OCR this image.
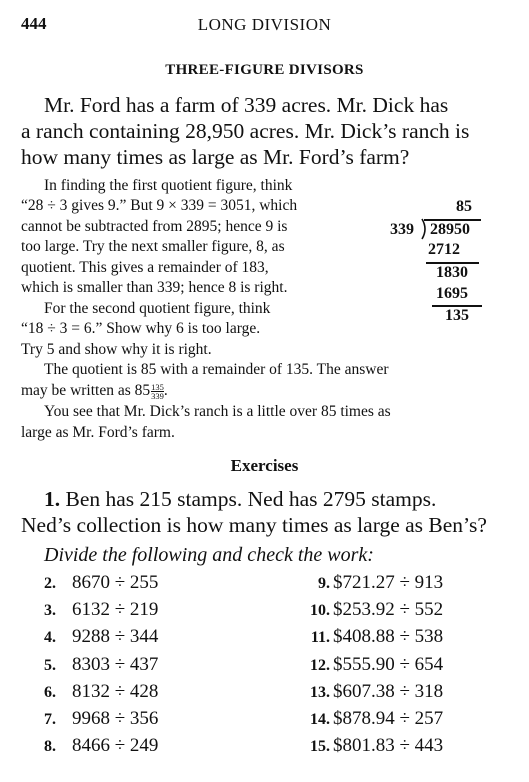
444	LONG DIVISION
THREE-FIGURE DIVISORS
Mr. Ford has a farm of 339 acres. Mr. Dick has
a ranch containing 28,950 acres. Mr. Dick’s ranch is
how many times as large as Mr. Ford’s farm?
In finding the first quotient figure, think
“28 ÷ 3 gives 9.” But 9 × 339 = 3051, which
cannot be subtracted from 2895; hence 9 is
too large. Try the next smaller figure, 8, as
quotient. This gives a remainder of 183,
which is smaller than 339; hence 8 is right.
For the second quotient figure, think
“18 ÷ 3 = 6.” Show why 6 is too large.
Try 5 and show why it is right.
85
339 28950
2712
1830
1695
135
The quotient is 85 with a remainder of 135. The answer
may be written as $85 \frac{135}{339}$ .
You see that Mr. Dick’s ranch is a little over 85 times as
large as Mr. Ford’s farm.
Exercises
1. Ben has 215 stamps. Ned has 2795 stamps.
Ned’s collection is how many times as large as Ben’s?
Divide the following and check the work:
2. 8670 ÷ 255
3. 6132 ÷ 219
4. 9288 ÷ 344
5. 8303 ÷ 437
6. 8132 ÷ 428
7. 9968 ÷ 356
8. 8466 ÷ 249
9. $721.27 ÷ 913
10. $253.92 ÷ 552
11. $408.88 ÷ 538
12. $555.90 ÷ 654
13. $607.38 ÷ 318
14. $878.94 ÷ 257
15. $801.83 ÷ 443
